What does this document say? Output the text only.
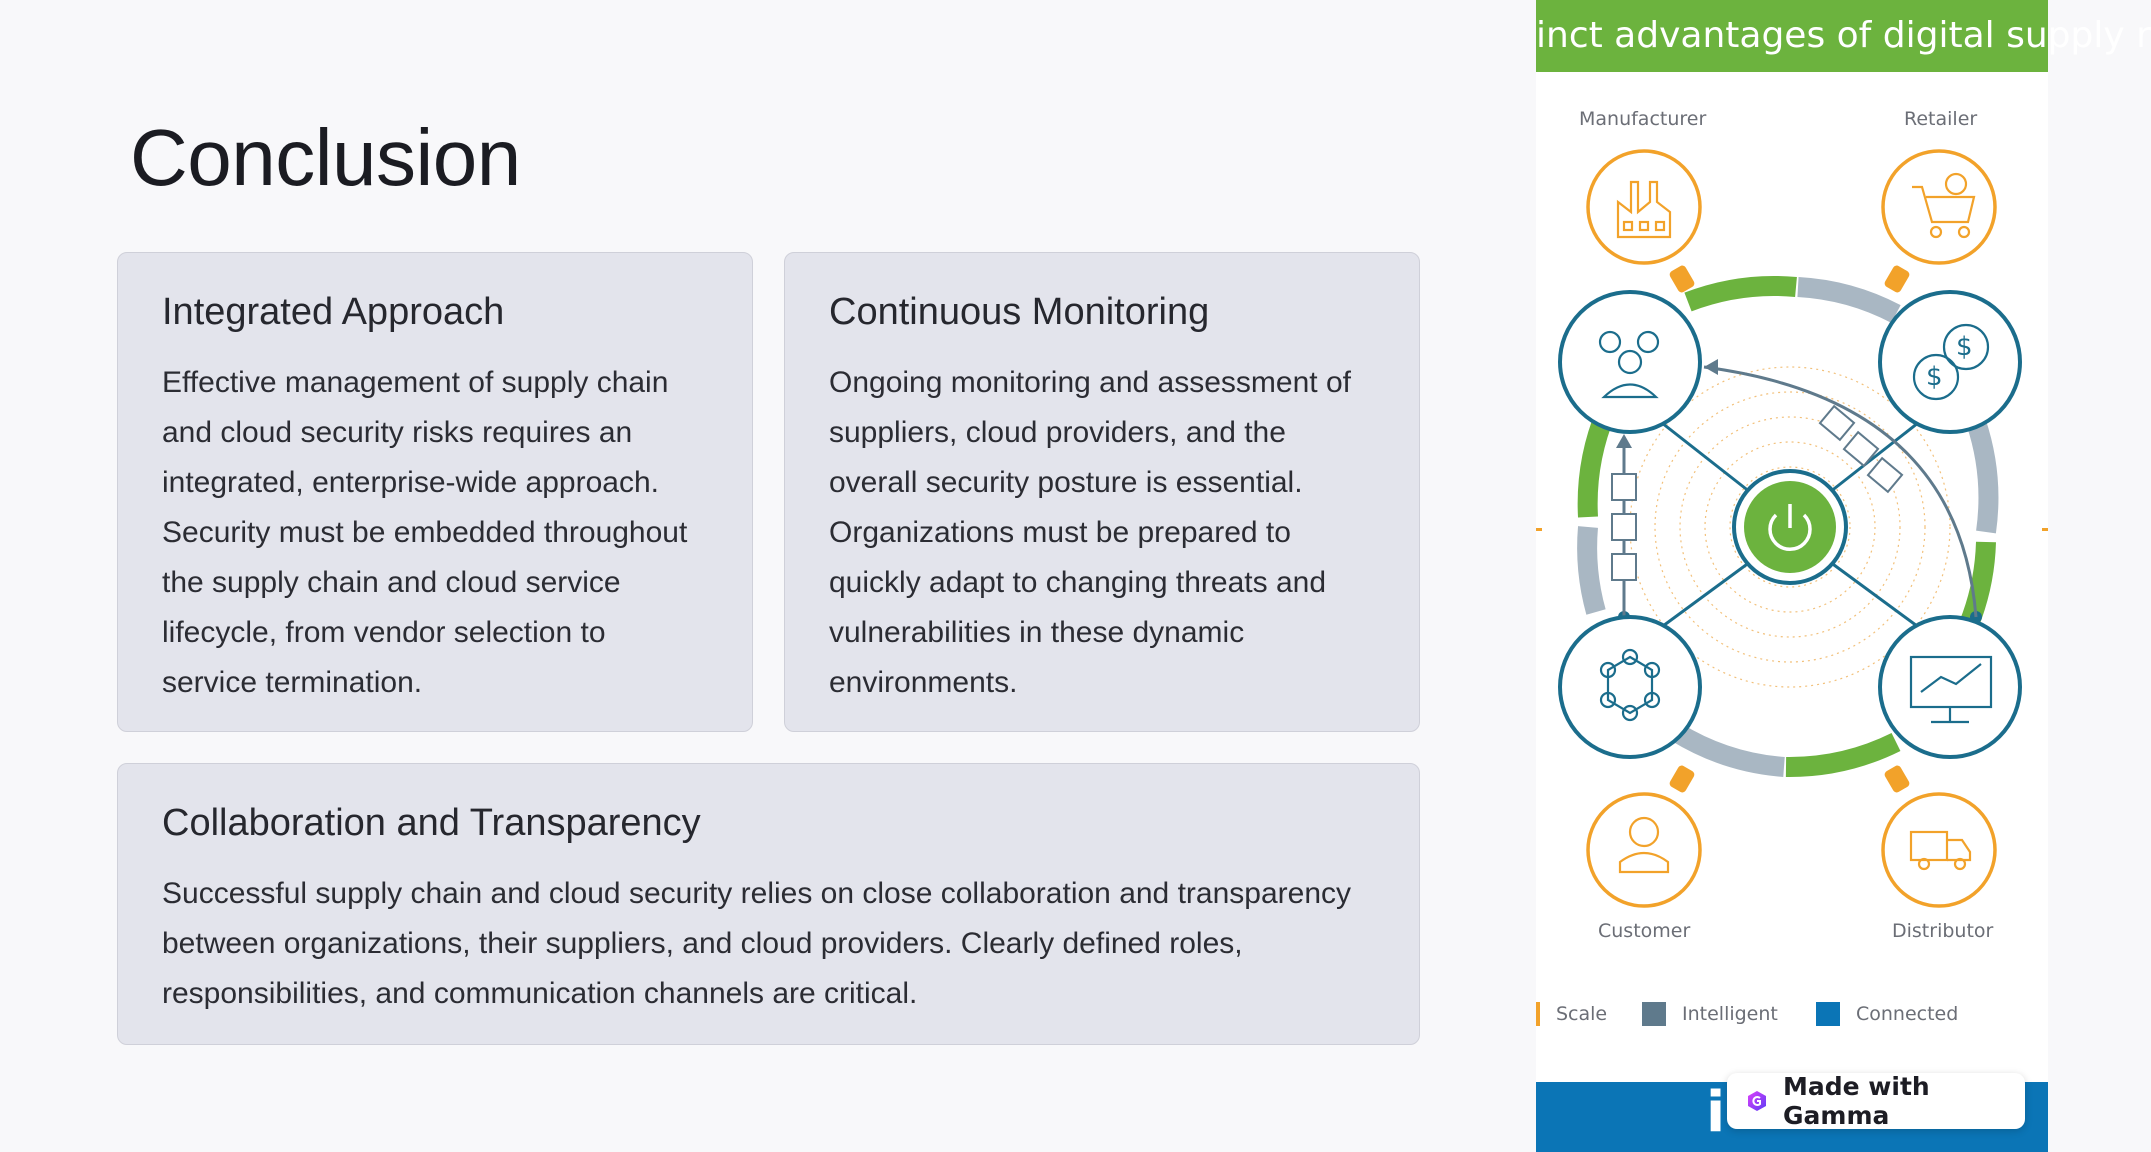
Conclusion
Integrated Approach

Effective management of supply chain and cloud security risks requires an integrated, enterprise-wide approach. Security must be embedded throughout the supply chain and cloud service lifecycle, from vendor selection to service termination.

Continuous Monitoring

Ongoing monitoring and assessment of suppliers, cloud providers, and the overall security posture is essential. Organizations must be prepared to quickly adapt to changing threats and vulnerabilities in these dynamic environments.

Collaboration and Transparency

Successful supply chain and cloud security relies on close collaboration and transparency between organizations, their suppliers, and cloud providers. Clearly defined roles, responsibilities, and communication channels are critical.

inct advantages of digital supply r
$
$
Manufacturer	Retailer
Customer	Distributor
Scale	Intelligent	Connected
i Made with Gamma
